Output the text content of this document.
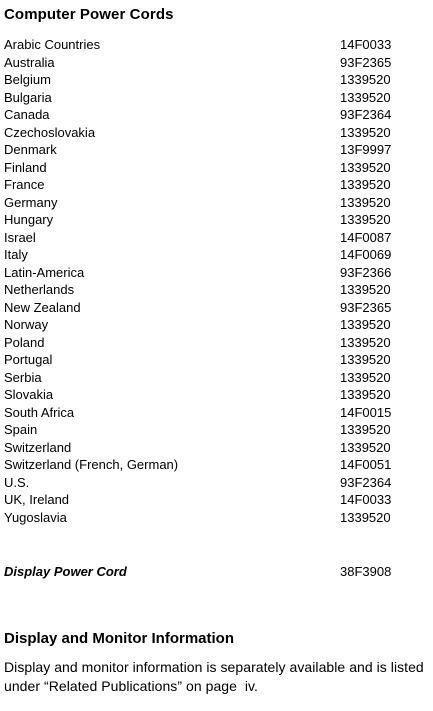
Computer Power Cords
Arabic Countries	14F0033
Australia	93F2365
Belgium	1339520
Bulgaria	1339520
Canada	93F2364
Czechoslovakia	1339520
Denmark	13F9997
Finland	1339520
France	1339520
Germany	1339520
Hungary	1339520
Israel	14F0087
Italy	14F0069
Latin-America	93F2366
Netherlands	1339520
New Zealand	93F2365
Norway	1339520
Poland	1339520
Portugal	1339520
Serbia	1339520
Slovakia	1339520
South Africa	14F0015
Spain	1339520
Switzerland	1339520
Switzerland (French, German)	14F0051
U.S.	93F2364
UK, Ireland	14F0033
Yugoslavia	1339520
Display Power Cord	38F3908
Display and Monitor Information

Display and monitor information is separately available and is listed under “Related Publications” on page  iv.
